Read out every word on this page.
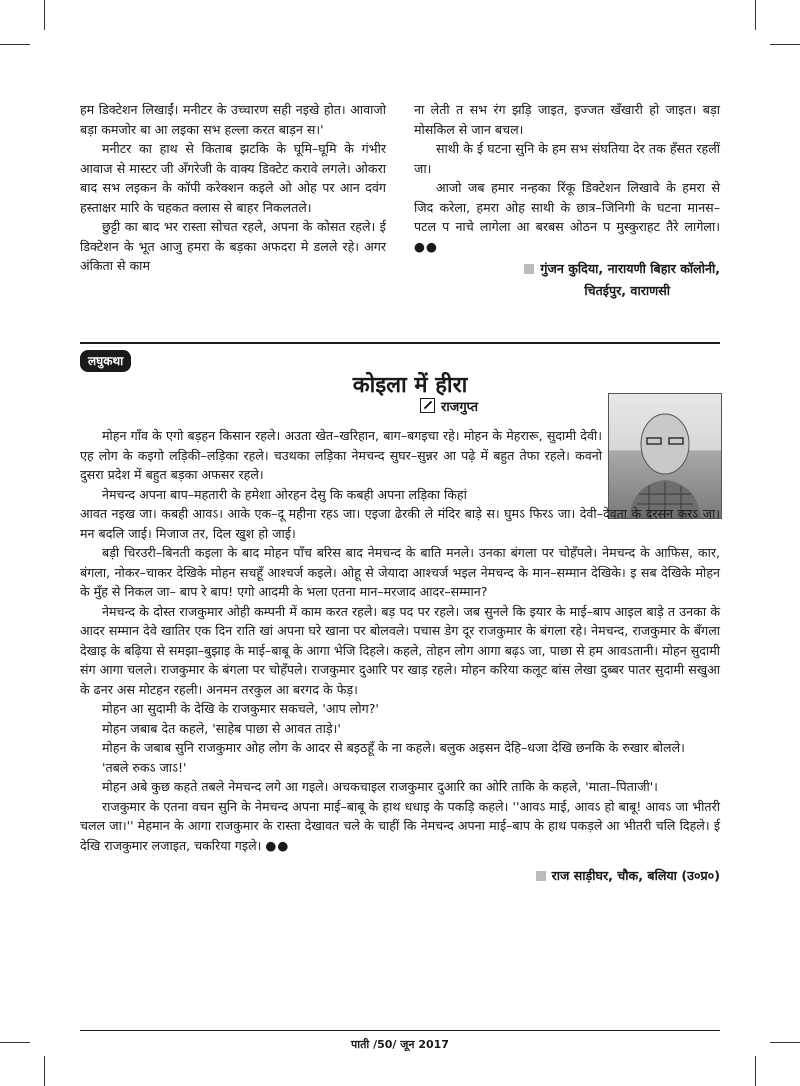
हम डिक्टेशन लिखाईं। मनीटर के उच्चारण सही नइखे होत। आवाजो बड़ा कमजोर बा आ लइका सभ हल्ला करत बाड़न स।'

मनीटर का हाथ से किताब झटकि के घूमि–घूमि के गंभीर आवाज से मास्टर जी अँगरेजी के वाक्य डिक्टेट करावे लगले। ओकरा बाद सभ लइकन के कॉपी करेक्शन कइले ओ ओह पर आन दवंग हस्ताक्षर मारि के चहकत क्लास से बाहर निकलतले।

छुट्टी का बाद भर रास्ता सोचत रहले, अपना के कोसत रहले। ई डिक्टेशन के भूत आजु हमरा के बड़का अफदरा मे डलले रहे। अगर अंकिता से काम

ना लेती त सभ रंग झड़ि जाइत, इज्जत खँखारी हो जाइत। बड़ा मोसकिल से जान बचल।

साथी के ई घटना सुनि के हम सभ संघतिया देर तक हँसत रहलीं जा।

आजो जब हमार नन्हका रिंकू डिक्टेशन लिखावे के हमरा से जिद करेला, हमरा ओह साथी के छात्र–जिनिगी के घटना मानस–पटल प नाचे लागेला आ बरबस ओठन प मुस्कुराहट तैरे लागेला। ●●

गुंजन कुदिया, नारायणी बिहार कॉलोनी,
चितईपुर, वाराणसी
लघुकथा
कोइला में हीरा
राजगुप्त

मोहन गाँव के एगो बड़हन किसान रहले। अउता खेत–खरिहान, बाग–बगइचा रहे। मोहन के मेहरारू, सुदामी देवी। एह लोग के कइगो लड़िकी–लड़िका रहले। चउथका लड़िका नेमचन्द सुघर–सुन्नर आ पढ़े में बहुत तेफा रहले। कवनो दुसरा प्रदेश में बहुत बड़का अफसर रहले।

नेमचन्द अपना बाप–महतारी के हमेशा ओरहन देसु कि कबही अपना लड़िका किहां

आवत नइख जा। कबही आवऽ। आके एक–दू महीना रहऽ जा। एइजा ढेरकी ले मंदिर बाड़े स। घुमऽ फिरऽ जा। देवी–देवता के दरसन करऽ जा। मन बदलि जाई। मिजाज तर, दिल खुश हो जाई।

बड़ी चिरउरी–बिनती कइला के बाद मोहन पाँच बरिस बाद नेमचन्द के बाति मनले। उनका बंगला पर चोहँपले। नेमचन्द के आफिस, कार, बंगला, नोकर–चाकर देखिके मोहन सचहूँ आश्चर्ज कइले। ओहू से जेयादा आश्चर्ज भइल नेमचन्द के मान–सम्मान देखिके। इ सब देखिके मोहन के मुँह से निकल जा– बाप रे बाप! एगो आदमी के भला एतना मान–मरजाद आदर–सम्मान?

नेमचन्द के दोस्त राजकुमार ओही कम्पनी में काम करत रहले। बड़ पद पर रहले। जब सुनले कि इयार के माई–बाप आइल बाड़े त उनका के आदर सम्मान देवे खातिर एक दिन राति खां अपना घरे खाना पर बोलवले। पचास डेग दूर राजकुमार के बंगला रहे। नेमचन्द, राजकुमार के बँगला देखाइ के बढ़िया से समझा–बुझाइ के माई–बाबू के आगा भेजि दिहले। कहले, तोहन लोग आगा बढ़ऽ जा, पाछा से हम आवऽतानी। मोहन सुदामी संग आगा चलले। राजकुमार के बंगला पर चोहँपले। राजकुमार दुआरि पर खाड़ रहले। मोहन करिया कलूट बांस लेखा दुब्बर पातर सुदामी सखुआ के ढनर अस मोटहन रहली। अनमन तरकुल आ बरगद के फेड़।

मोहन आ सुदामी के देखि के राजकुमार सकचले, 'आप लोग?'

मोहन जबाब देत कहले, 'साहेब पाछा से आवत ताड़े।'

मोहन के जबाब सुनि राजकुमार ओह लोग के आदर से बइठहूँ के ना कहले। बलुक अइसन देहि–धजा देखि छनकि के रुखार बोलले।

'तबले रुकऽ जाऽ!'

मोहन अबे कुछ कहते तबले नेमचन्द लगे आ गइले। अचकचाइल राजकुमार दुआरि का ओरि ताकि के कहले, 'माता–पिताजी'।

राजकुमार के एतना वचन सुनि के नेमचन्द अपना माई–बाबू के हाथ धधाइ के पकड़ि कहले। ''आवऽ माई, आवऽ हो बाबू! आवऽ जा भीतरी चलल जा।'' मेहमान के आगा राजकुमार के रास्ता देखावत चले के चाहीं कि नेमचन्द अपना माई–बाप के हाथ पकड़ले आ भीतरी चलि दिहले। ई देखि राजकुमार लजाइत, चकरिया गइले। ●●

राज साड़ीघर, चौक, बलिया (उ०प्र०)
पाती /50/ जून 2017
